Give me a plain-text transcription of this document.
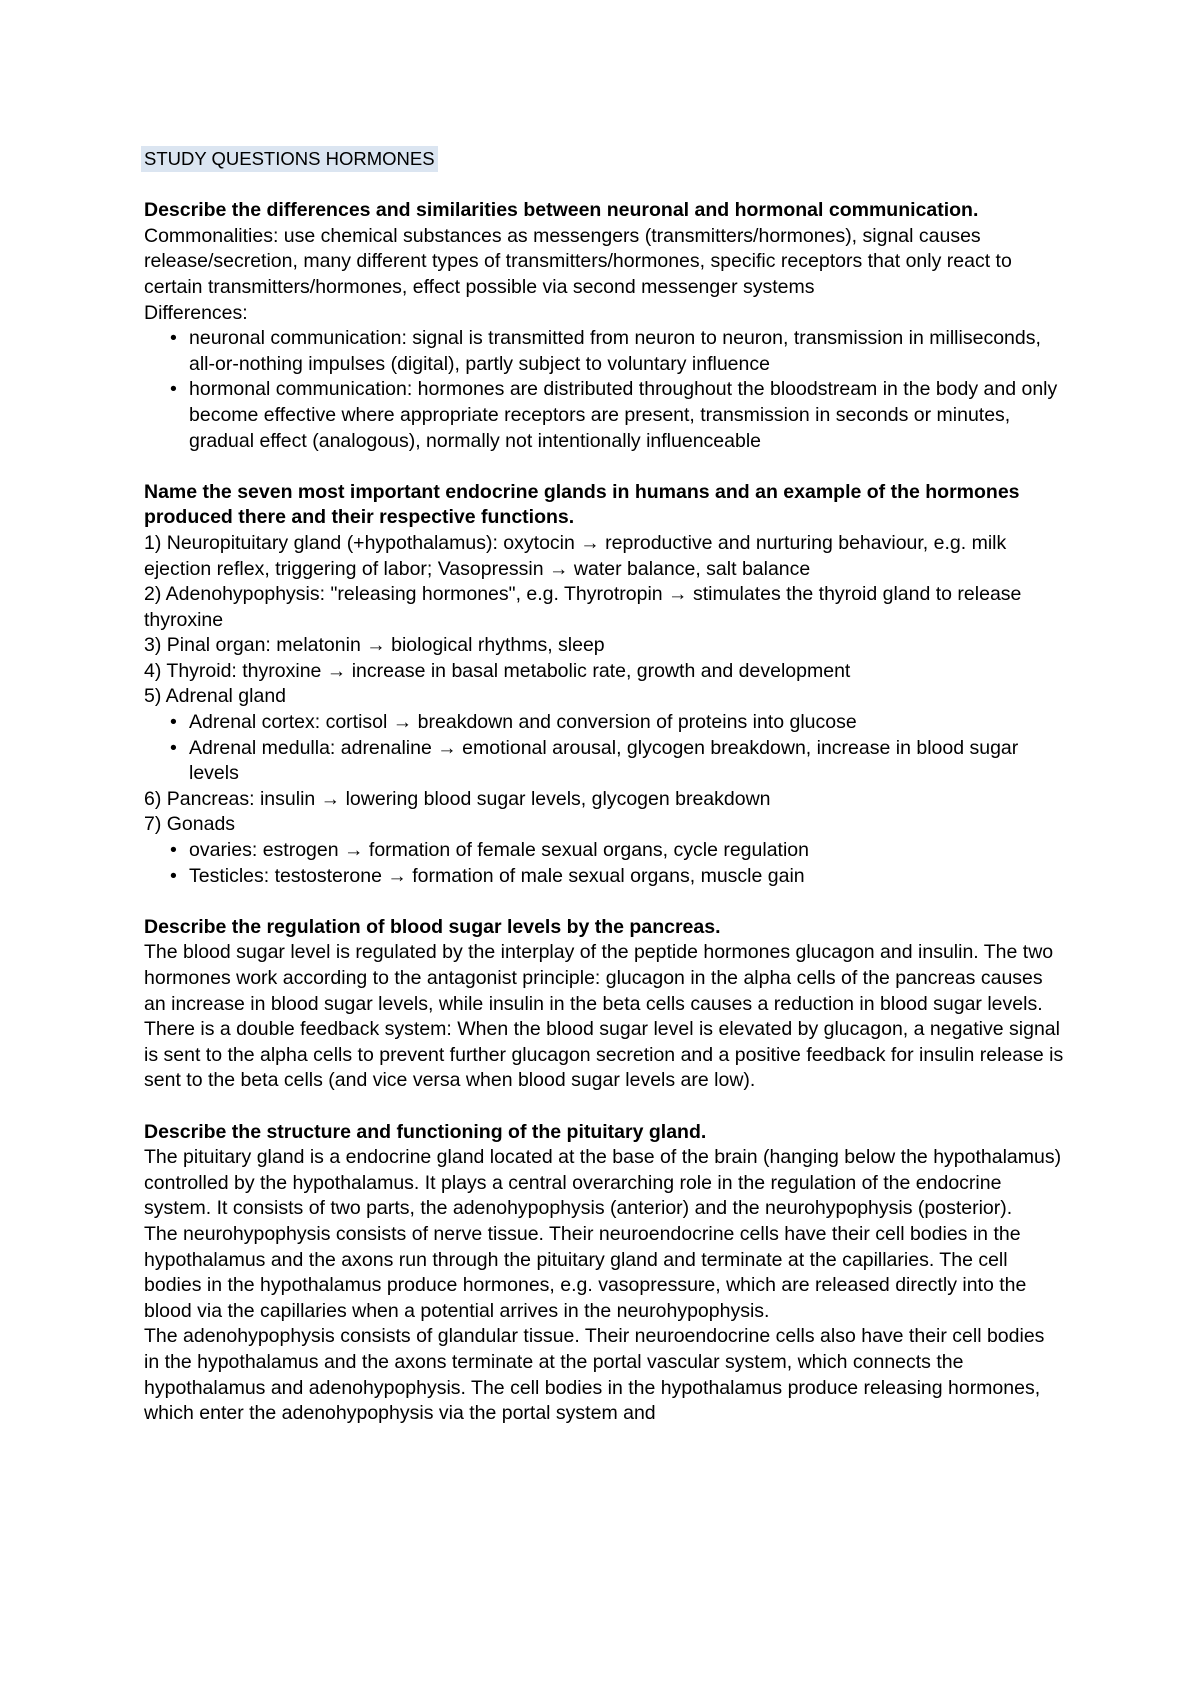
STUDY QUESTIONS HORMONES

Describe the differences and similarities between neuronal and hormonal communication.

Commonalities: use chemical substances as messengers (transmitters/hormones), signal causes release/secretion, many different types of transmitters/hormones, specific receptors that only react to certain transmitters/hormones, effect possible via second messenger systems

Differences:

• neuronal communication: signal is transmitted from neuron to neuron, transmission in milliseconds, all-or-nothing impulses (digital), partly subject to voluntary influence
• hormonal communication: hormones are distributed throughout the bloodstream in the body and only become effective where appropriate receptors are present, transmission in seconds or minutes, gradual effect (analogous), normally not intentionally influenceable

Name the seven most important endocrine glands in humans and an example of the hormones produced there and their respective functions.

1) Neuropituitary gland (+hypothalamus): oxytocin → reproductive and nurturing behaviour, e.g. milk ejection reflex, triggering of labor; Vasopressin → water balance, salt balance

2) Adenohypophysis: "releasing hormones", e.g. Thyrotropin → stimulates the thyroid gland to release thyroxine

3) Pinal organ: melatonin → biological rhythms, sleep

4) Thyroid: thyroxine → increase in basal metabolic rate, growth and development

5) Adrenal gland

• Adrenal cortex: cortisol → breakdown and conversion of proteins into glucose
• Adrenal medulla: adrenaline → emotional arousal, glycogen breakdown, increase in blood sugar levels

6) Pancreas: insulin → lowering blood sugar levels, glycogen breakdown

7) Gonads

• ovaries: estrogen → formation of female sexual organs, cycle regulation
• Testicles: testosterone → formation of male sexual organs, muscle gain

Describe the regulation of blood sugar levels by the pancreas.

The blood sugar level is regulated by the interplay of the peptide hormones glucagon and insulin. The two hormones work according to the antagonist principle: glucagon in the alpha cells of the pancreas causes an increase in blood sugar levels, while insulin in the beta cells causes a reduction in blood sugar levels. There is a double feedback system: When the blood sugar level is elevated by glucagon, a negative signal is sent to the alpha cells to prevent further glucagon secretion and a positive feedback for insulin release is sent to the beta cells (and vice versa when blood sugar levels are low).

Describe the structure and functioning of the pituitary gland.

The pituitary gland is a endocrine gland located at the base of the brain (hanging below the hypothalamus) controlled by the hypothalamus. It plays a central overarching role in the regulation of the endocrine system. It consists of two parts, the adenohypophysis (anterior) and the neurohypophysis (posterior).

The neurohypophysis consists of nerve tissue. Their neuroendocrine cells have their cell bodies in the hypothalamus and the axons run through the pituitary gland and terminate at the capillaries. The cell bodies in the hypothalamus produce hormones, e.g. vasopressure, which are released directly into the blood via the capillaries when a potential arrives in the neurohypophysis.

The adenohypophysis consists of glandular tissue. Their neuroendocrine cells also have their cell bodies in the hypothalamus and the axons terminate at the portal vascular system, which connects the hypothalamus and adenohypophysis. The cell bodies in the hypothalamus produce releasing hormones, which enter the adenohypophysis via the portal system and
